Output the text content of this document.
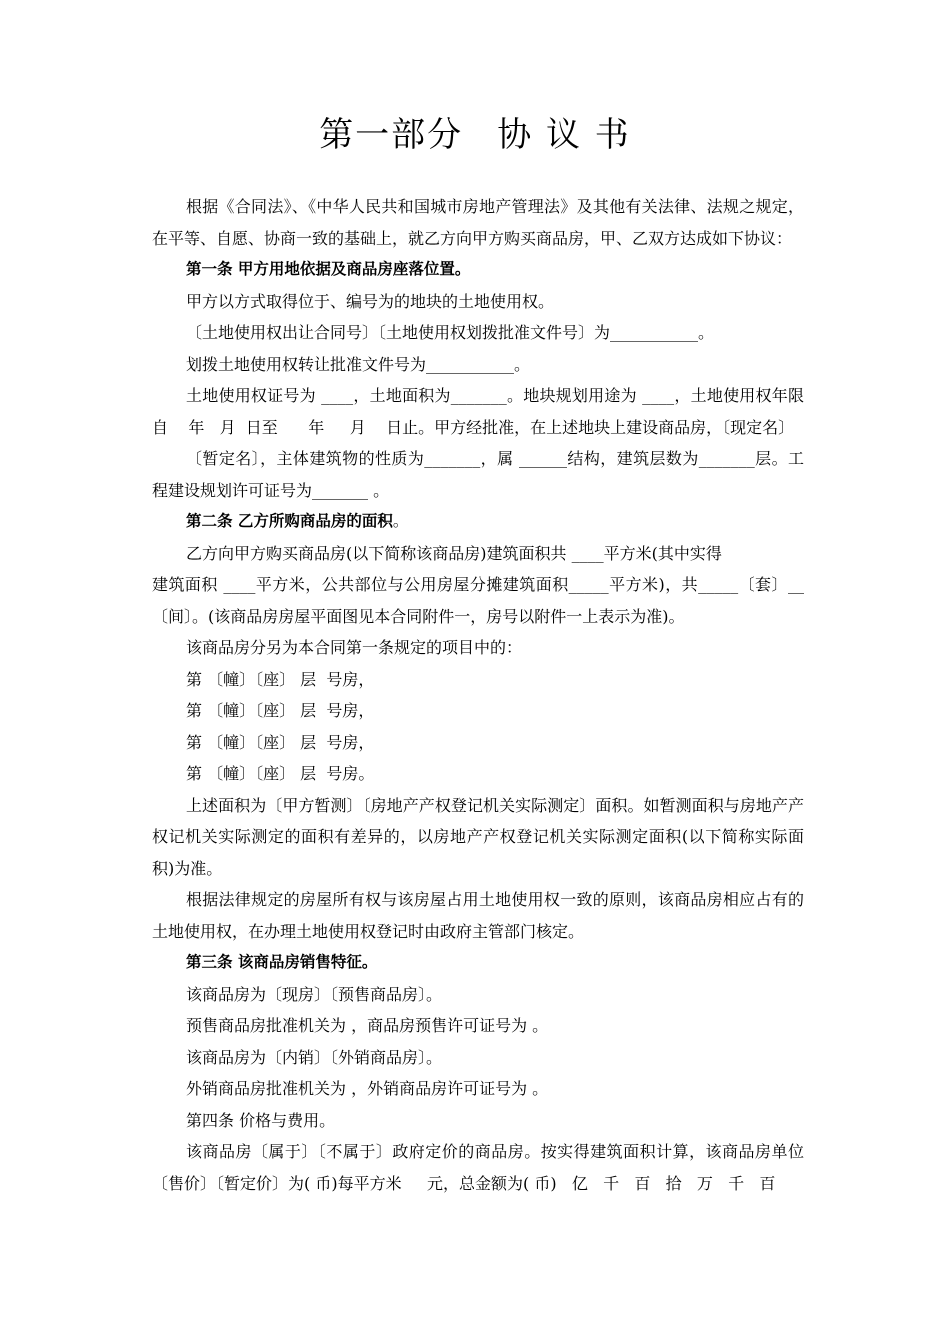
第一部分 协 议 书

根据《合同法》、《中华人民共和国城市房地产管理法》及其他有关法律、法规之规定，在平等、自愿、协商一致的基础上，就乙方向甲方购买商品房，甲、乙双方达成如下协议：

第一条 甲方用地依据及商品房座落位置。

甲方以方式取得位于、编号为的地块的土地使用权。

〔土地使用权出让合同号〕〔土地使用权划拨批准文件号〕为___________。

划拨土地使用权转让批准文件号为___________。

土地使用权证号为 ____，土地面积为_______。地块规划用途为 ____，土地使用权年限自    年   月  日至      年     月    日止。甲方经批准，在上述地块上建设商品房，〔现定名〕

〔暂定名〕，主体建筑物的性质为_______，属 ______结构，建筑层数为_______层。工程建设规划许可证号为_______ 。

第二条 乙方所购商品房的面积。

乙方向甲方购买商品房(以下简称该商品房)建筑面积共 ____平方米(其中实得

建筑面积 ____平方米，公共部位与公用房屋分摊建筑面积_____平方米)，共_____〔套〕__〔间〕。(该商品房房屋平面图见本合同附件一，房号以附件一上表示为准)。

该商品房分另为本合同第一条规定的项目中的：

第 〔幢〕〔座〕 层  号房，

第 〔幢〕〔座〕 层  号房，

第 〔幢〕〔座〕 层  号房，

第 〔幢〕〔座〕 层  号房。

上述面积为〔甲方暂测〕〔房地产产权登记机关实际测定〕面积。如暂测面积与房地产产权记机关实际测定的面积有差异的，以房地产产权登记机关实际测定面积(以下简称实际面积)为准。

根据法律规定的房屋所有权与该房屋占用土地使用权一致的原则，该商品房相应占有的土地使用权，在办理土地使用权登记时由政府主管部门核定。

第三条 该商品房销售特征。

该商品房为〔现房〕〔预售商品房〕。

预售商品房批准机关为 ，商品房预售许可证号为 。

该商品房为〔内销〕〔外销商品房〕。

外销商品房批准机关为 ，外销商品房许可证号为 。

第四条 价格与费用。

该商品房〔属于〕〔不属于〕政府定价的商品房。按实得建筑面积计算，该商品房单位〔售价〕〔暂定价〕为( 币)每平方米     元，总金额为( 币)   亿   千   百   拾   万   千   百
